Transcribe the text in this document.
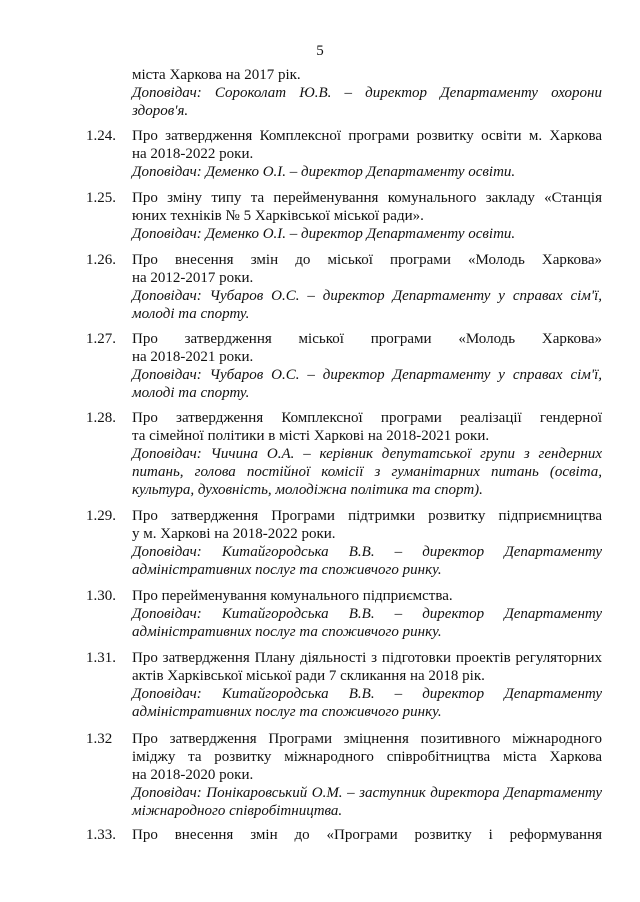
5
міста Харкова на 2017 рік.
Доповідач: Сороколат Ю.В. – директор Департаменту охорони
здоров'я.
1.24.	Про затвердження Комплексної програми розвитку освіти м. Харкова
на 2018-2022 роки.
Доповідач: Деменко О.І. – директор Департаменту освіти.
1.25.	Про зміну типу та перейменування комунального закладу «Станція
юних техніків № 5 Харківської міської ради».
Доповідач: Деменко О.І. – директор Департаменту освіти.
1.26.	Про внесення змін до міської програми «Молодь Харкова»
на 2012-2017 роки.
Доповідач: Чубаров О.С. – директор Департаменту у справах сім'ї,
молоді та спорту.
1.27.	Про затвердження міської програми «Молодь Харкова»
на 2018-2021 роки.
Доповідач: Чубаров О.С. – директор Департаменту у справах сім'ї,
молоді та спорту.
1.28.	Про затвердження Комплексної програми реалізації гендерної
та сімейної політики в місті Харкові на 2018-2021 роки.
Доповідач: Чичина О.А. – керівник депутатської групи з гендерних
питань, голова постійної комісії з гуманітарних питань (освіта,
культура, духовність, молодіжна політика та спорт).
1.29.	Про затвердження Програми підтримки розвитку підприємництва
у м. Харкові на 2018-2022 роки.
Доповідач: Китайгородська В.В. – директор Департаменту
адміністративних послуг та споживчого ринку.
1.30.	Про перейменування комунального підприємства.
Доповідач: Китайгородська В.В. – директор Департаменту
адміністративних послуг та споживчого ринку.
1.31.	Про затвердження Плану діяльності з підготовки проектів регуляторних
актів Харківської міської ради 7 скликання на 2018 рік.
Доповідач: Китайгородська В.В. – директор Департаменту
адміністративних послуг та споживчого ринку.
1.32	Про затвердження Програми зміцнення позитивного міжнародного
іміджу та розвитку міжнародного співробітництва міста Харкова
на 2018-2020 роки.
Доповідач: Понікаровський О.М. – заступник директора Департаменту
міжнародного співробітництва.
1.33.	Про внесення змін до «Програми розвитку і реформування
